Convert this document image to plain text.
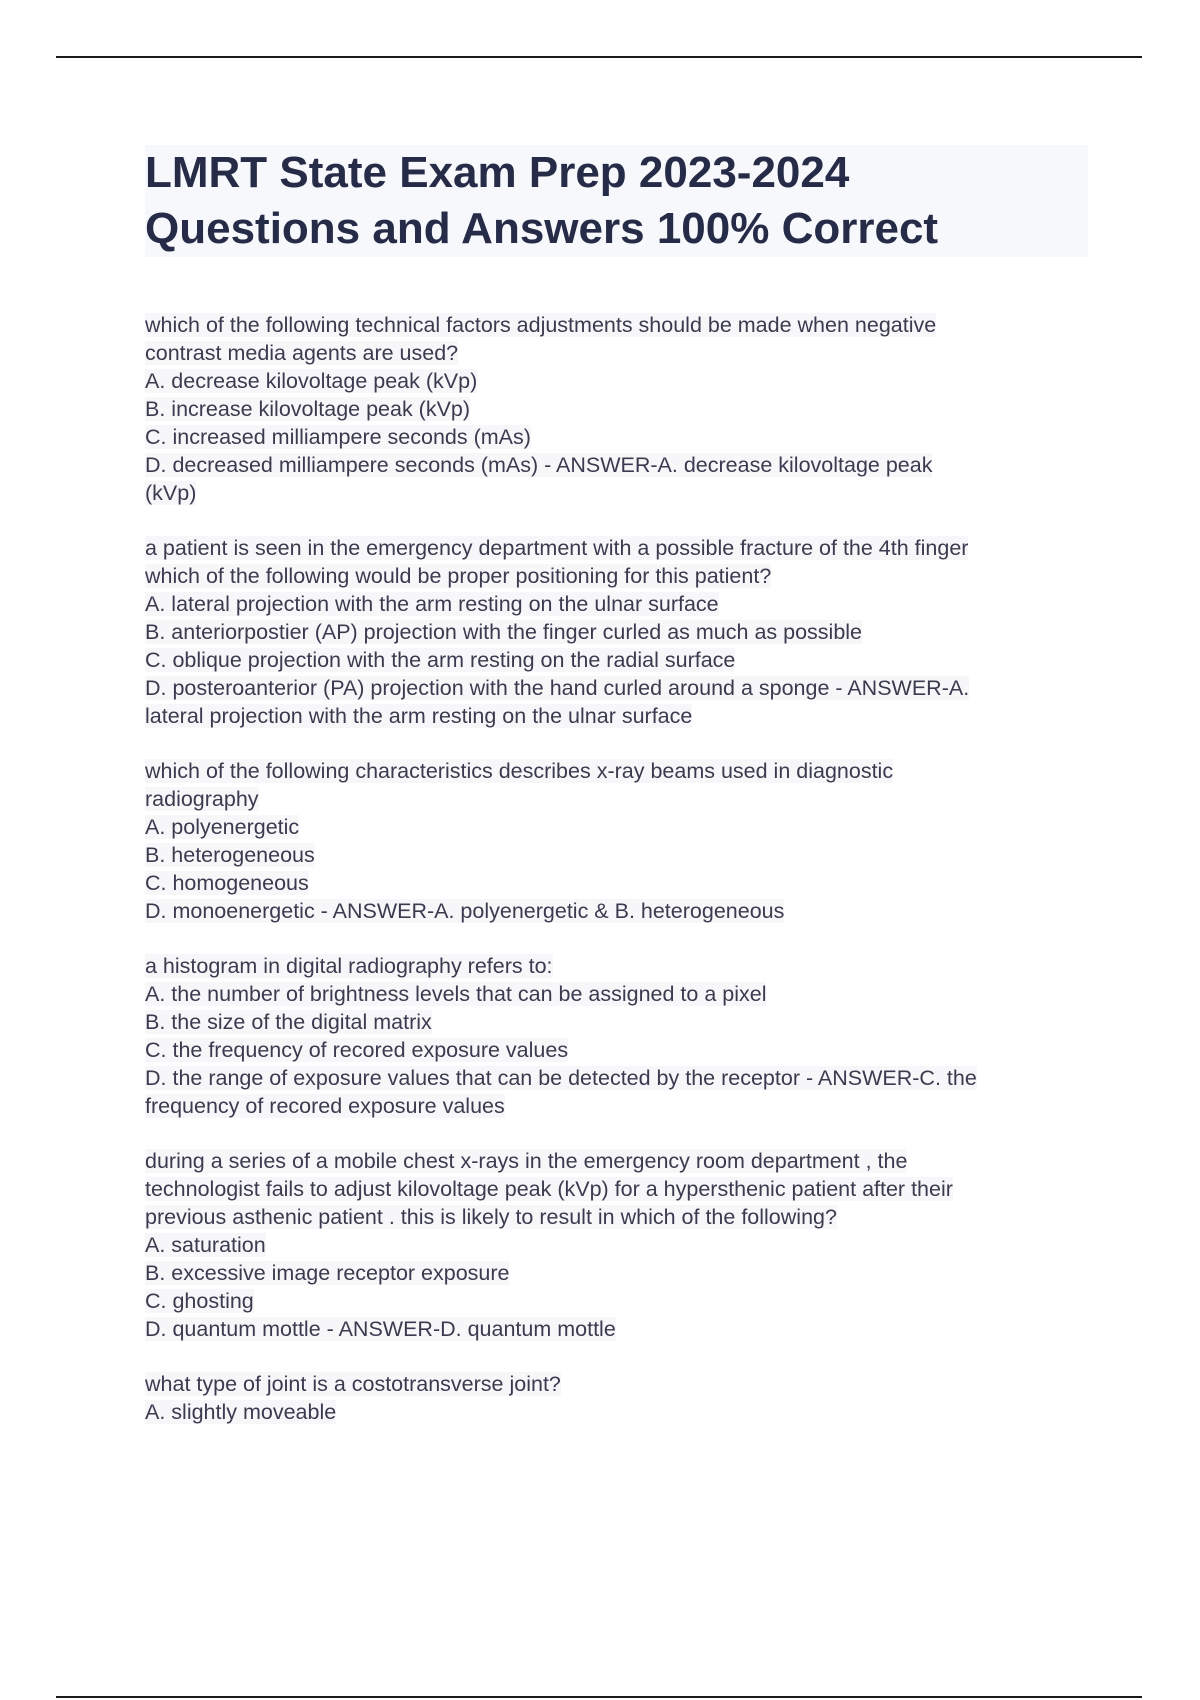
LMRT State Exam Prep 2023-2024
Questions and Answers 100% Correct
which of the following technical factors adjustments should be made when negative
contrast media agents are used?
A. decrease kilovoltage peak (kVp)
B. increase kilovoltage peak (kVp)
C. increased milliampere seconds (mAs)
D. decreased milliampere seconds (mAs) - ANSWER-A. decrease kilovoltage peak
(kVp)
a patient is seen in the emergency department with a possible fracture of the 4th finger
which of the following would be proper positioning for this patient?
A. lateral projection with the arm resting on the ulnar surface
B. anteriorpostier (AP) projection with the finger curled as much as possible
C. oblique projection with the arm resting on the radial surface
D. posteroanterior (PA) projection with the hand curled around a sponge - ANSWER-A.
lateral projection with the arm resting on the ulnar surface
which of the following characteristics describes x-ray beams used in diagnostic
radiography
A. polyenergetic
B. heterogeneous
C. homogeneous
D. monoenergetic - ANSWER-A. polyenergetic & B. heterogeneous
a histogram in digital radiography refers to:
A. the number of brightness levels that can be assigned to a pixel
B. the size of the digital matrix
C. the frequency of recored exposure values
D. the range of exposure values that can be detected by the receptor - ANSWER-C. the
frequency of recored exposure values
during a series of a mobile chest x-rays in the emergency room department , the
technologist fails to adjust kilovoltage peak (kVp) for a hypersthenic patient after their
previous asthenic patient . this is likely to result in which of the following?
A. saturation
B. excessive image receptor exposure
C. ghosting
D. quantum mottle - ANSWER-D. quantum mottle
what type of joint is a costotransverse joint?
A. slightly moveable
